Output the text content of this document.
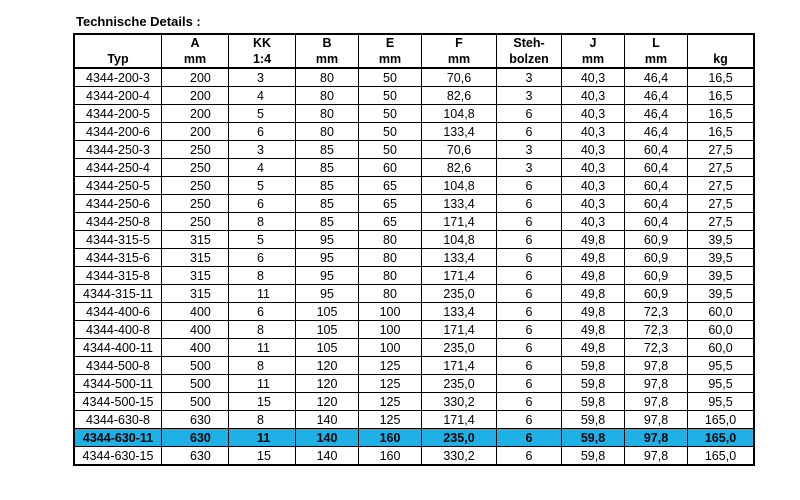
Technische Details :
	A	KK	B	E	F	Steh-	J	L	
Typ	mm	1:4	mm	mm	mm	bolzen	mm	mm	kg
4344-200-3	200	3	80	50	70,6	3	40,3	46,4	16,5
4344-200-4	200	4	80	50	82,6	3	40,3	46,4	16,5
4344-200-5	200	5	80	50	104,8	6	40,3	46,4	16,5
4344-200-6	200	6	80	50	133,4	6	40,3	46,4	16,5
4344-250-3	250	3	85	50	70,6	3	40,3	60,4	27,5
4344-250-4	250	4	85	60	82,6	3	40,3	60,4	27,5
4344-250-5	250	5	85	65	104,8	6	40,3	60,4	27,5
4344-250-6	250	6	85	65	133,4	6	40,3	60,4	27,5
4344-250-8	250	8	85	65	171,4	6	40,3	60,4	27,5
4344-315-5	315	5	95	80	104,8	6	49,8	60,9	39,5
4344-315-6	315	6	95	80	133,4	6	49,8	60,9	39,5
4344-315-8	315	8	95	80	171,4	6	49,8	60,9	39,5
4344-315-11	315	11	95	80	235,0	6	49,8	60,9	39,5
4344-400-6	400	6	105	100	133,4	6	49,8	72,3	60,0
4344-400-8	400	8	105	100	171,4	6	49,8	72,3	60,0
4344-400-11	400	11	105	100	235,0	6	49,8	72,3	60,0
4344-500-8	500	8	120	125	171,4	6	59,8	97,8	95,5
4344-500-11	500	11	120	125	235,0	6	59,8	97,8	95,5
4344-500-15	500	15	120	125	330,2	6	59,8	97,8	95,5
4344-630-8	630	8	140	125	171,4	6	59,8	97,8	165,0
4344-630-11	630	11	140	160	235,0	6	59,8	97,8	165,0
4344-630-15	630	15	140	160	330,2	6	59,8	97,8	165,0
